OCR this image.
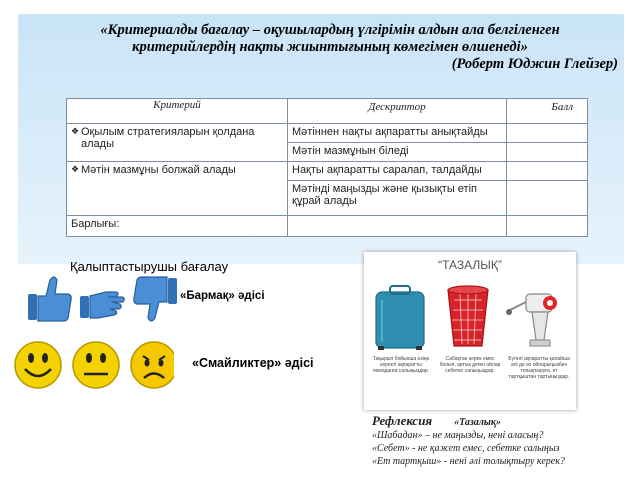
«Критериалды бағалау – оқушылардың үлгірімін алдын ала белгіленген
критерийлердің нақты жиынтығының көмегімен өлшенеді»
(Роберт Юджин Глейзер)
Критерий	Дескриптор	Балл

❖ Оқылым стратегияларын қолдана алады	Мәтіннен нақты ақпаратты анықтайды	
	Мәтін мазмұнын біледі	
❖ Мәтін мазмұны болжай алады	Нақты ақпаратты саралап, талдайды	
	Мәтінді маңызды және қызықты етіп құрай алады	
Барлығы:		
Қалыптастырушы бағалау
«Бармақ» әдісі
«Смайликтер» әдісі
“ТАЗАЛЫҚ”
Тақырып бойынша өзіңе керекті ақпаратты чемоданға салыңыздар.
Сабақтан керек емес болып, артық деген ойлар себетке салыңыздар.
Бүгінгі ақпаратты қалайша әлі де өз ойларыңызбен толықтыруға, ет тартқыштан тартыңыздар.
Рефлексия «Тазалық»
«Шабадан» – не маңызды, нені аласың?
«Себет» - не қажет емес, себетке салыңыз
«Ет тартқыш» - нені әлі толықтыру керек?
